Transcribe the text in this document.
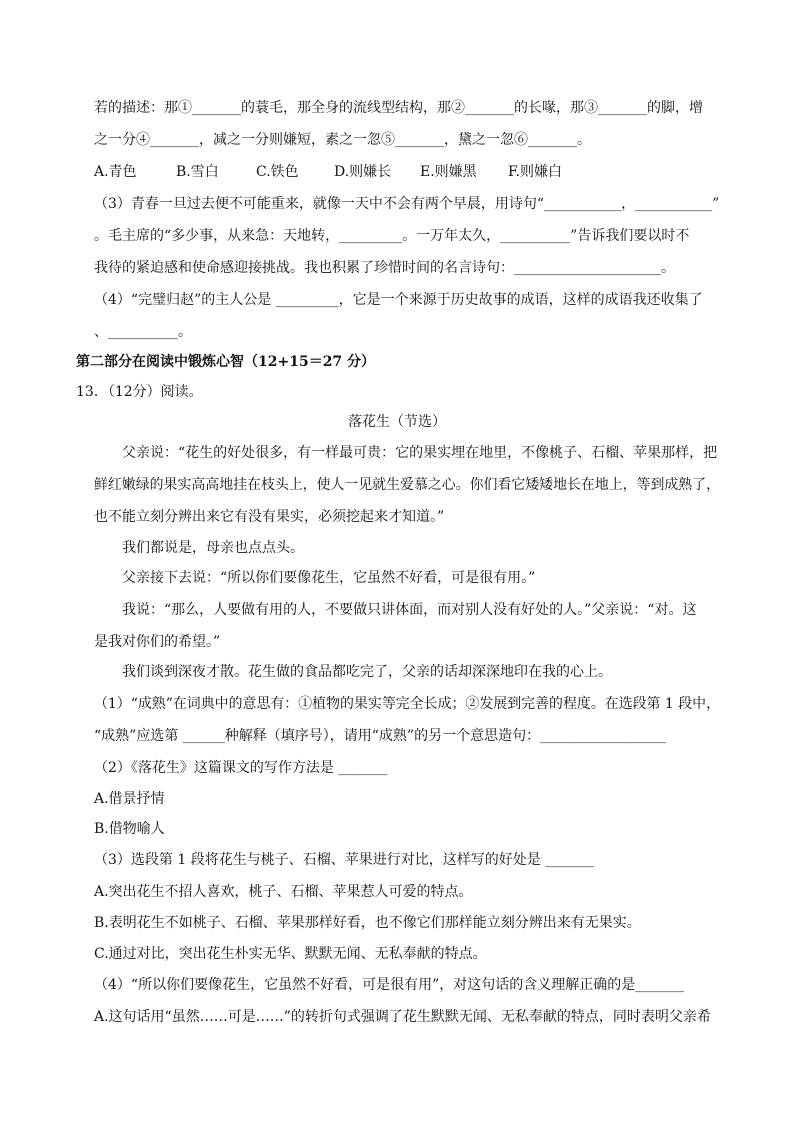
若的描述：那①_______的蓑毛，那全身的流线型结构，那②_______的长喙，那③_______的脚，增
之一分④_______，减之一分则嫌短，素之一忽⑤_______，黛之一忽⑥_______。
A.青色	B.雪白	C.铁色	D.则嫌长 E.则嫌黑 F.则嫌白
（3）青春一旦过去便不可能重来，就像一天中不会有两个早晨，用诗句“___________，___________”
。毛主席的“多少事，从来急：天地转，_________。一万年太久，__________”告诉我们要以时不
我待的紧迫感和使命感迎接挑战。我也积累了珍惜时间的名言诗句：_____________________。
（4）“完璧归赵”的主人公是 _________，它是一个来源于历史故事的成语，这样的成语我还收集了
、__________。
第二部分在阅读中锻炼心智（12+15＝27 分）
13．（12分）阅读。
落花生（节选）
父亲说：“花生的好处很多，有一样最可贵：它的果实埋在地里，不像桃子、石榴、苹果那样，把
鲜红嫩绿的果实高高地挂在枝头上，使人一见就生爱慕之心。你们看它矮矮地长在地上，等到成熟了，
也不能立刻分辨出来它有没有果实，必须挖起来才知道。”
我们都说是，母亲也点点头。
父亲接下去说：“所以你们要像花生，它虽然不好看，可是很有用。”
我说：“那么，人要做有用的人，不要做只讲体面，而对别人没有好处的人。”父亲说：“对。这
是我对你们的希望。”
我们谈到深夜才散。花生做的食品都吃完了，父亲的话却深深地印在我的心上。
（1）“成熟”在词典中的意思有：①植物的果实等完全长成；②发展到完善的程度。在选段第 1 段中，
“成熟”应选第 ______种解释（填序号），请用“成熟”的另一个意思造句：__________________
（2）《落花生》这篇课文的写作方法是 _______
A.借景抒情
B.借物喻人
（3）选段第 1 段将花生与桃子、石榴、苹果进行对比，这样写的好处是 _______
A.突出花生不招人喜欢，桃子、石榴、苹果惹人可爱的特点。
B.表明花生不如桃子、石榴、苹果那样好看，也不像它们那样能立刻分辨出来有无果实。
C.通过对比，突出花生朴实无华、默默无闻、无私奉献的特点。
（4）“所以你们要像花生，它虽然不好看，可是很有用”，对这句话的含义理解正确的是_______
A.这句话用“虽然……可是……”的转折句式强调了花生默默无闻、无私奉献的特点，同时表明父亲希
